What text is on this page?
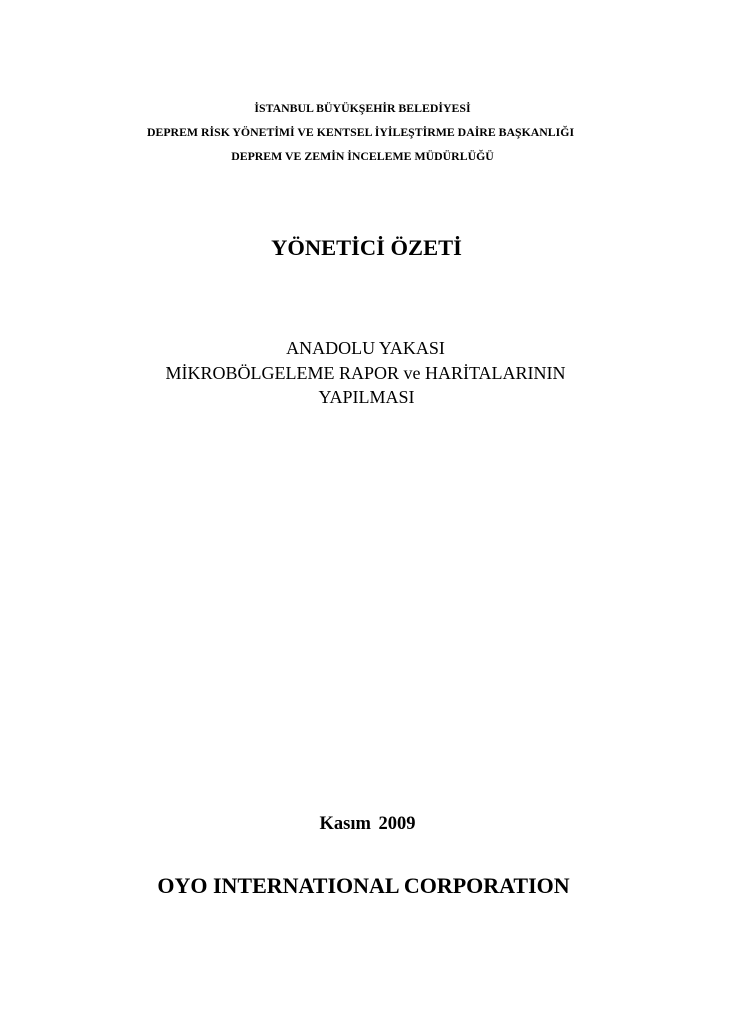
İSTANBUL BÜYÜKŞEHİR BELEDİYESİ
DEPREM RİSK YÖNETİMİ VE KENTSEL İYİLEŞTİRME DAİRE BAŞKANLIĞI
DEPREM VE ZEMİN İNCELEME MÜDÜRLÜĞÜ
YÖNETİCİ ÖZETİ
ANADOLU YAKASI
MİKROBÖLGELEME RAPOR ve HARİTALARININ
YAPILMASI
Kasım 2009
OYO INTERNATIONAL CORPORATION
